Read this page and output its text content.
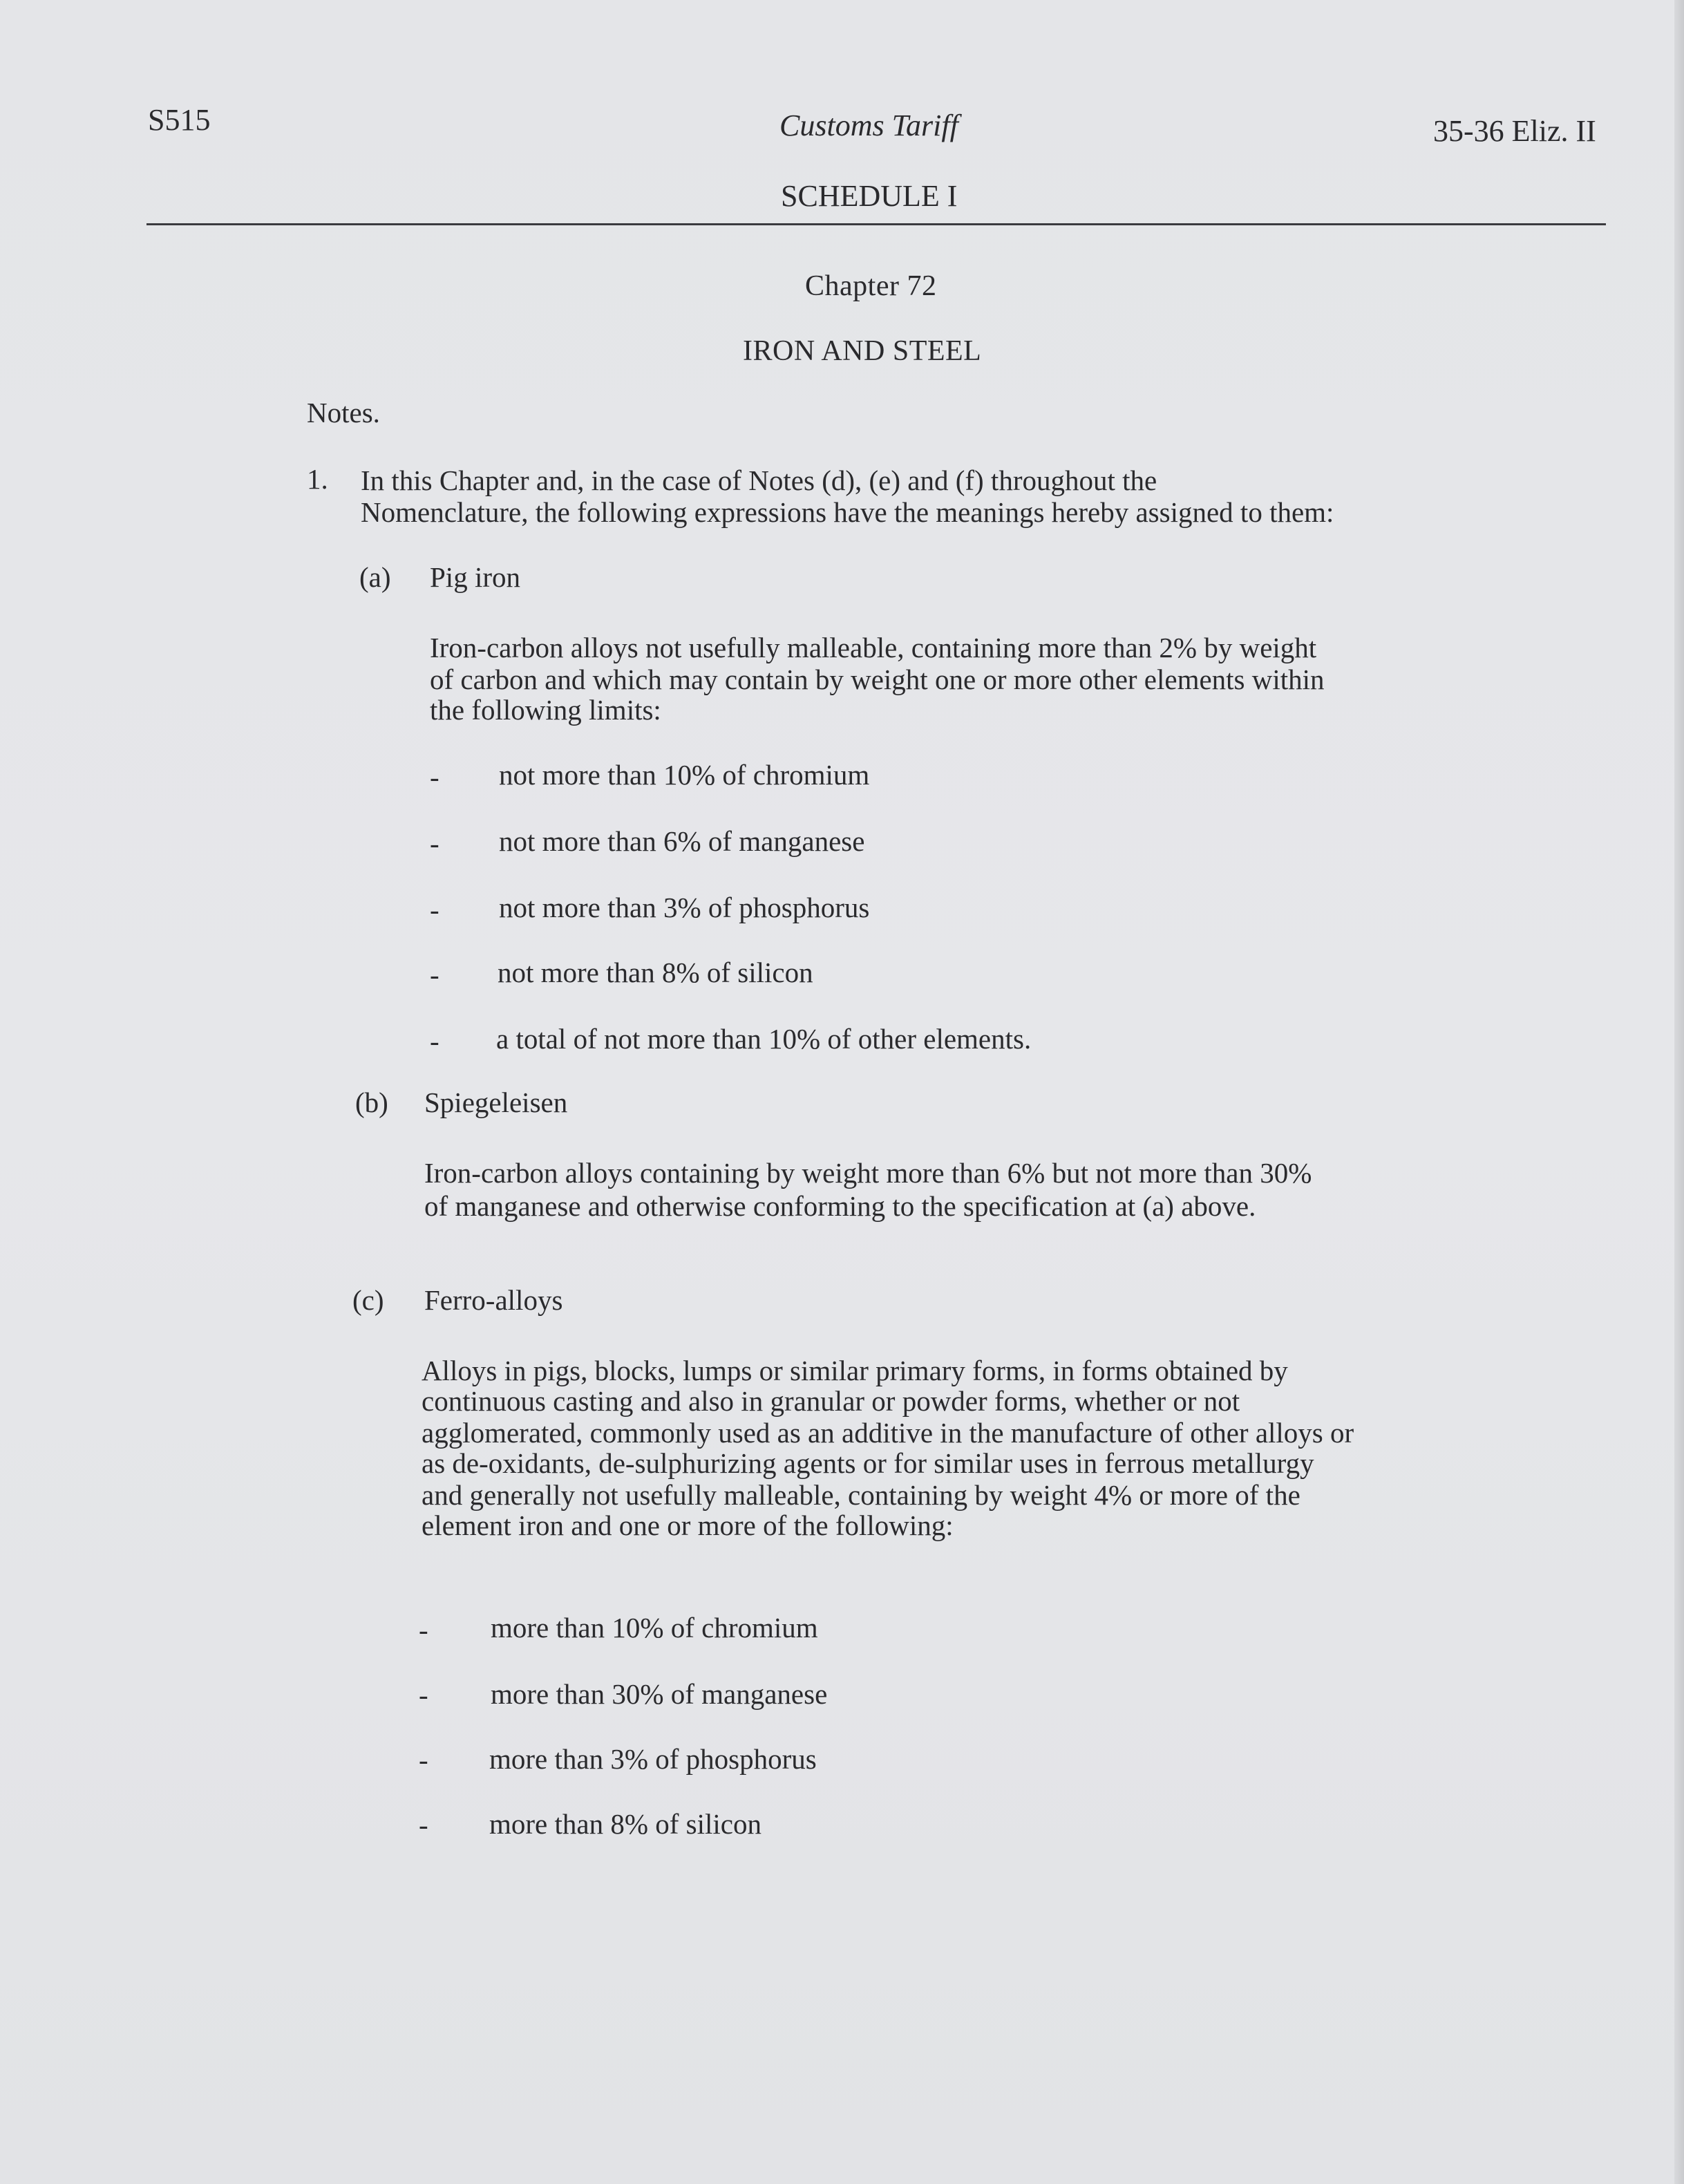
S515	Customs Tariff	35-36 Eliz. II
SCHEDULE I
Chapter 72
IRON AND STEEL
Notes.
1. In this Chapter and, in the case of Notes (d), (e) and (f) throughout the
Nomenclature, the following expressions have the meanings hereby assigned to them:
(a) Pig iron
Iron-carbon alloys not usefully malleable, containing more than 2% by weight
of carbon and which may contain by weight one or more other elements within
the following limits:
- not more than 10% of chromium
- not more than 6% of manganese
- not more than 3% of phosphorus
- not more than 8% of silicon
- a total of not more than 10% of other elements.
(b) Spiegeleisen
Iron-carbon alloys containing by weight more than 6% but not more than 30%
of manganese and otherwise conforming to the specification at (a) above.
(c) Ferro-alloys
Alloys in pigs, blocks, lumps or similar primary forms, in forms obtained by
continuous casting and also in granular or powder forms, whether or not
agglomerated, commonly used as an additive in the manufacture of other alloys or
as de-oxidants, de-sulphurizing agents or for similar uses in ferrous metallurgy
and generally not usefully malleable, containing by weight 4% or more of the
element iron and one or more of the following:
- more than 10% of chromium
- more than 30% of manganese
- more than 3% of phosphorus
- more than 8% of silicon
